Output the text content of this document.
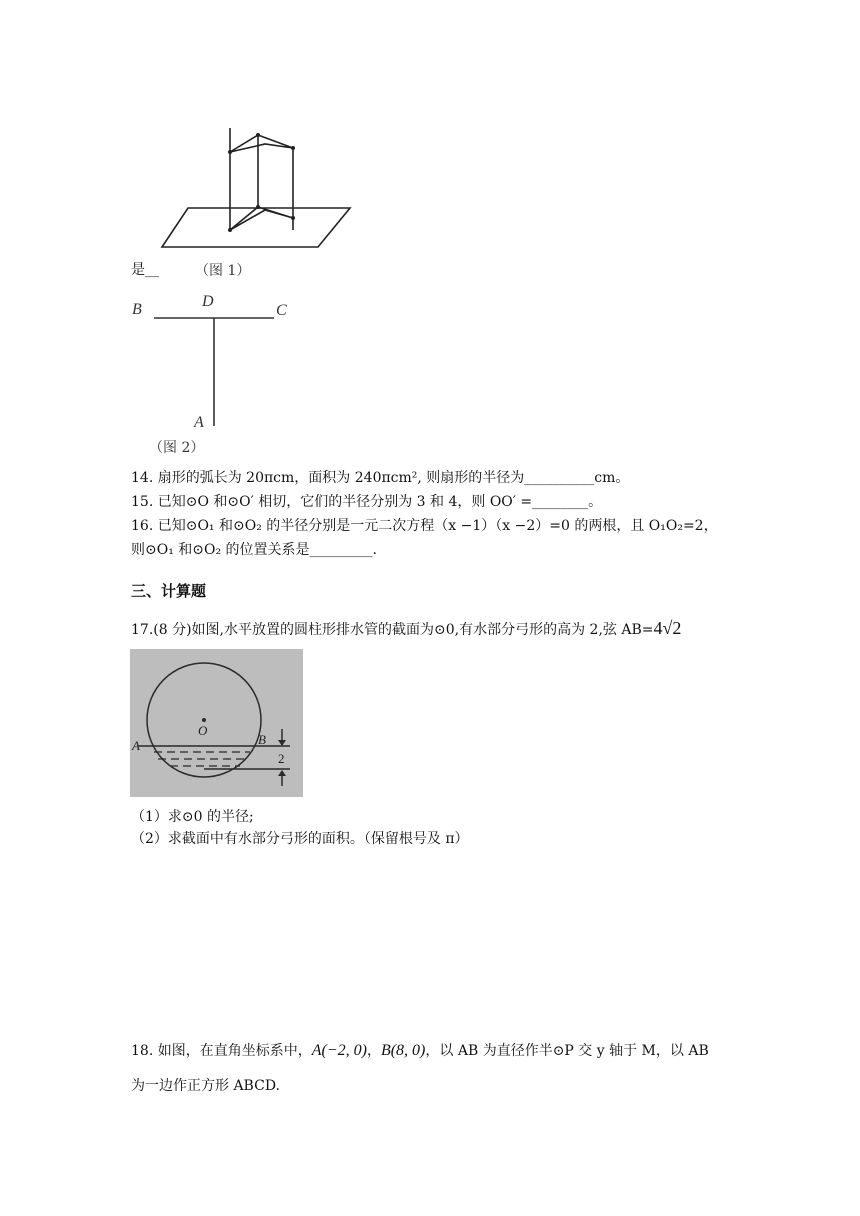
是__	（图 1）
B	D
C
A
（图 2）
14. 扇形的弧长为 20πcm，面积为 240πcm², 则扇形的半径为__________cm。
15. 已知⊙O 和⊙O′ 相切，它们的半径分别为 3 和 4，则 OO′ =________。
16. 已知⊙O₁ 和⊙O₂ 的半径分别是一元二次方程（x −1）（x −2）=0 的两根，且 O₁O₂=2，
则⊙O₁ 和⊙O₂ 的位置关系是_________.
三、计算题
17.(8 分)如图,水平放置的圆柱形排水管的截面为⊙0,有水部分弓形的高为 2,弦 AB=4√2
O
A	B
2
（1）求⊙0 的半径;
（2）求截面中有水部分弓形的面积。（保留根号及 π）
18. 如图，在直角坐标系中，A(−2, 0)，B(8, 0)，以 AB 为直径作半⊙P 交 y 轴于 M，以 AB
为一边作正方形 ABCD.
